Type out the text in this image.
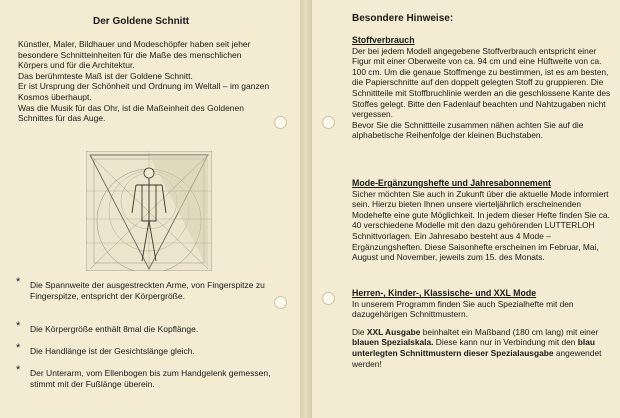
Der Goldene Schnitt

Künstler, Maler, Bildhauer und Modeschöpfer haben seit jeher besondere Schnitteinheiten für die Maße des menschlichen Körpers und für die Architektur.

Das berühmteste Maß ist der Goldene Schnitt.

Er ist Ursprung der Schönheit und Ordnung im Weltall – im ganzen Kosmos überhaupt.

Was die Musik für das Ohr, ist die Maßeinheit des Goldenen Schnittes für das Auge.

* Die Spannweite der ausgestreckten Arme, von Fingerspitze zu Fingerspitze, entspricht der Körpergröße.
* Die Körpergröße enthält 8mal die Kopflänge.
* Die Handlänge ist der Gesichtslänge gleich.
* Der Unterarm, vom Ellenbogen bis zum Handgelenk gemessen, stimmt mit der Fußlänge überein.
Besondere Hinweise:
Stoffverbrauch

Der bei jedem Modell angegebene Stoffverbrauch entspricht einer Figur mit einer Oberweite von ca. 94 cm und eine Hüftweite von ca. 100 cm. Um die genaue Stoffmenge zu bestimmen, ist es am besten, die Papierschnitte auf den doppelt gelegten Stoff zu gruppieren. Die Schnittteile mit Stoffbruchlinie werden an die geschlossene Kante des Stoffes gelegt. Bitte den Fadenlauf beachten und Nahtzugaben nicht vergessen.

Bevor Sie die Schnittteile zusammen nähen achten Sie auf die alphabetische Reihenfolge der kleinen Buchstaben.

Mode-Ergänzungshefte und Jahresabonnement

Sicher möchten Sie auch in Zukunft über die aktuelle Mode informiert sein. Hierzu bieten Ihnen unsere vierteljährlich erscheinenden Modehefte eine gute Möglichkeit. In jedem dieser Hefte finden Sie ca. 40 verschiedene Modelle mit den dazu gehörenden LUTTERLOH Schnittvorlagen. Ein Jahresabo besteht aus 4 Mode – Ergänzungsheften. Diese Saisonhefte erscheinen im Februar, Mai, August und November, jeweils zum 15. des Monats.

Herren-, Kinder-, Klassische- und XXL Mode

In unserem Programm finden Sie auch Spezialhefte mit den dazugehörigen Schnittmustern.

Die XXL Ausgabe beinhaltet ein Maßband (180 cm lang) mit einer blauen Spezialskala. Diese kann nur in Verbindung mit den blau unterlegten Schnittmustern dieser Spezialausgabe angewendet werden!
